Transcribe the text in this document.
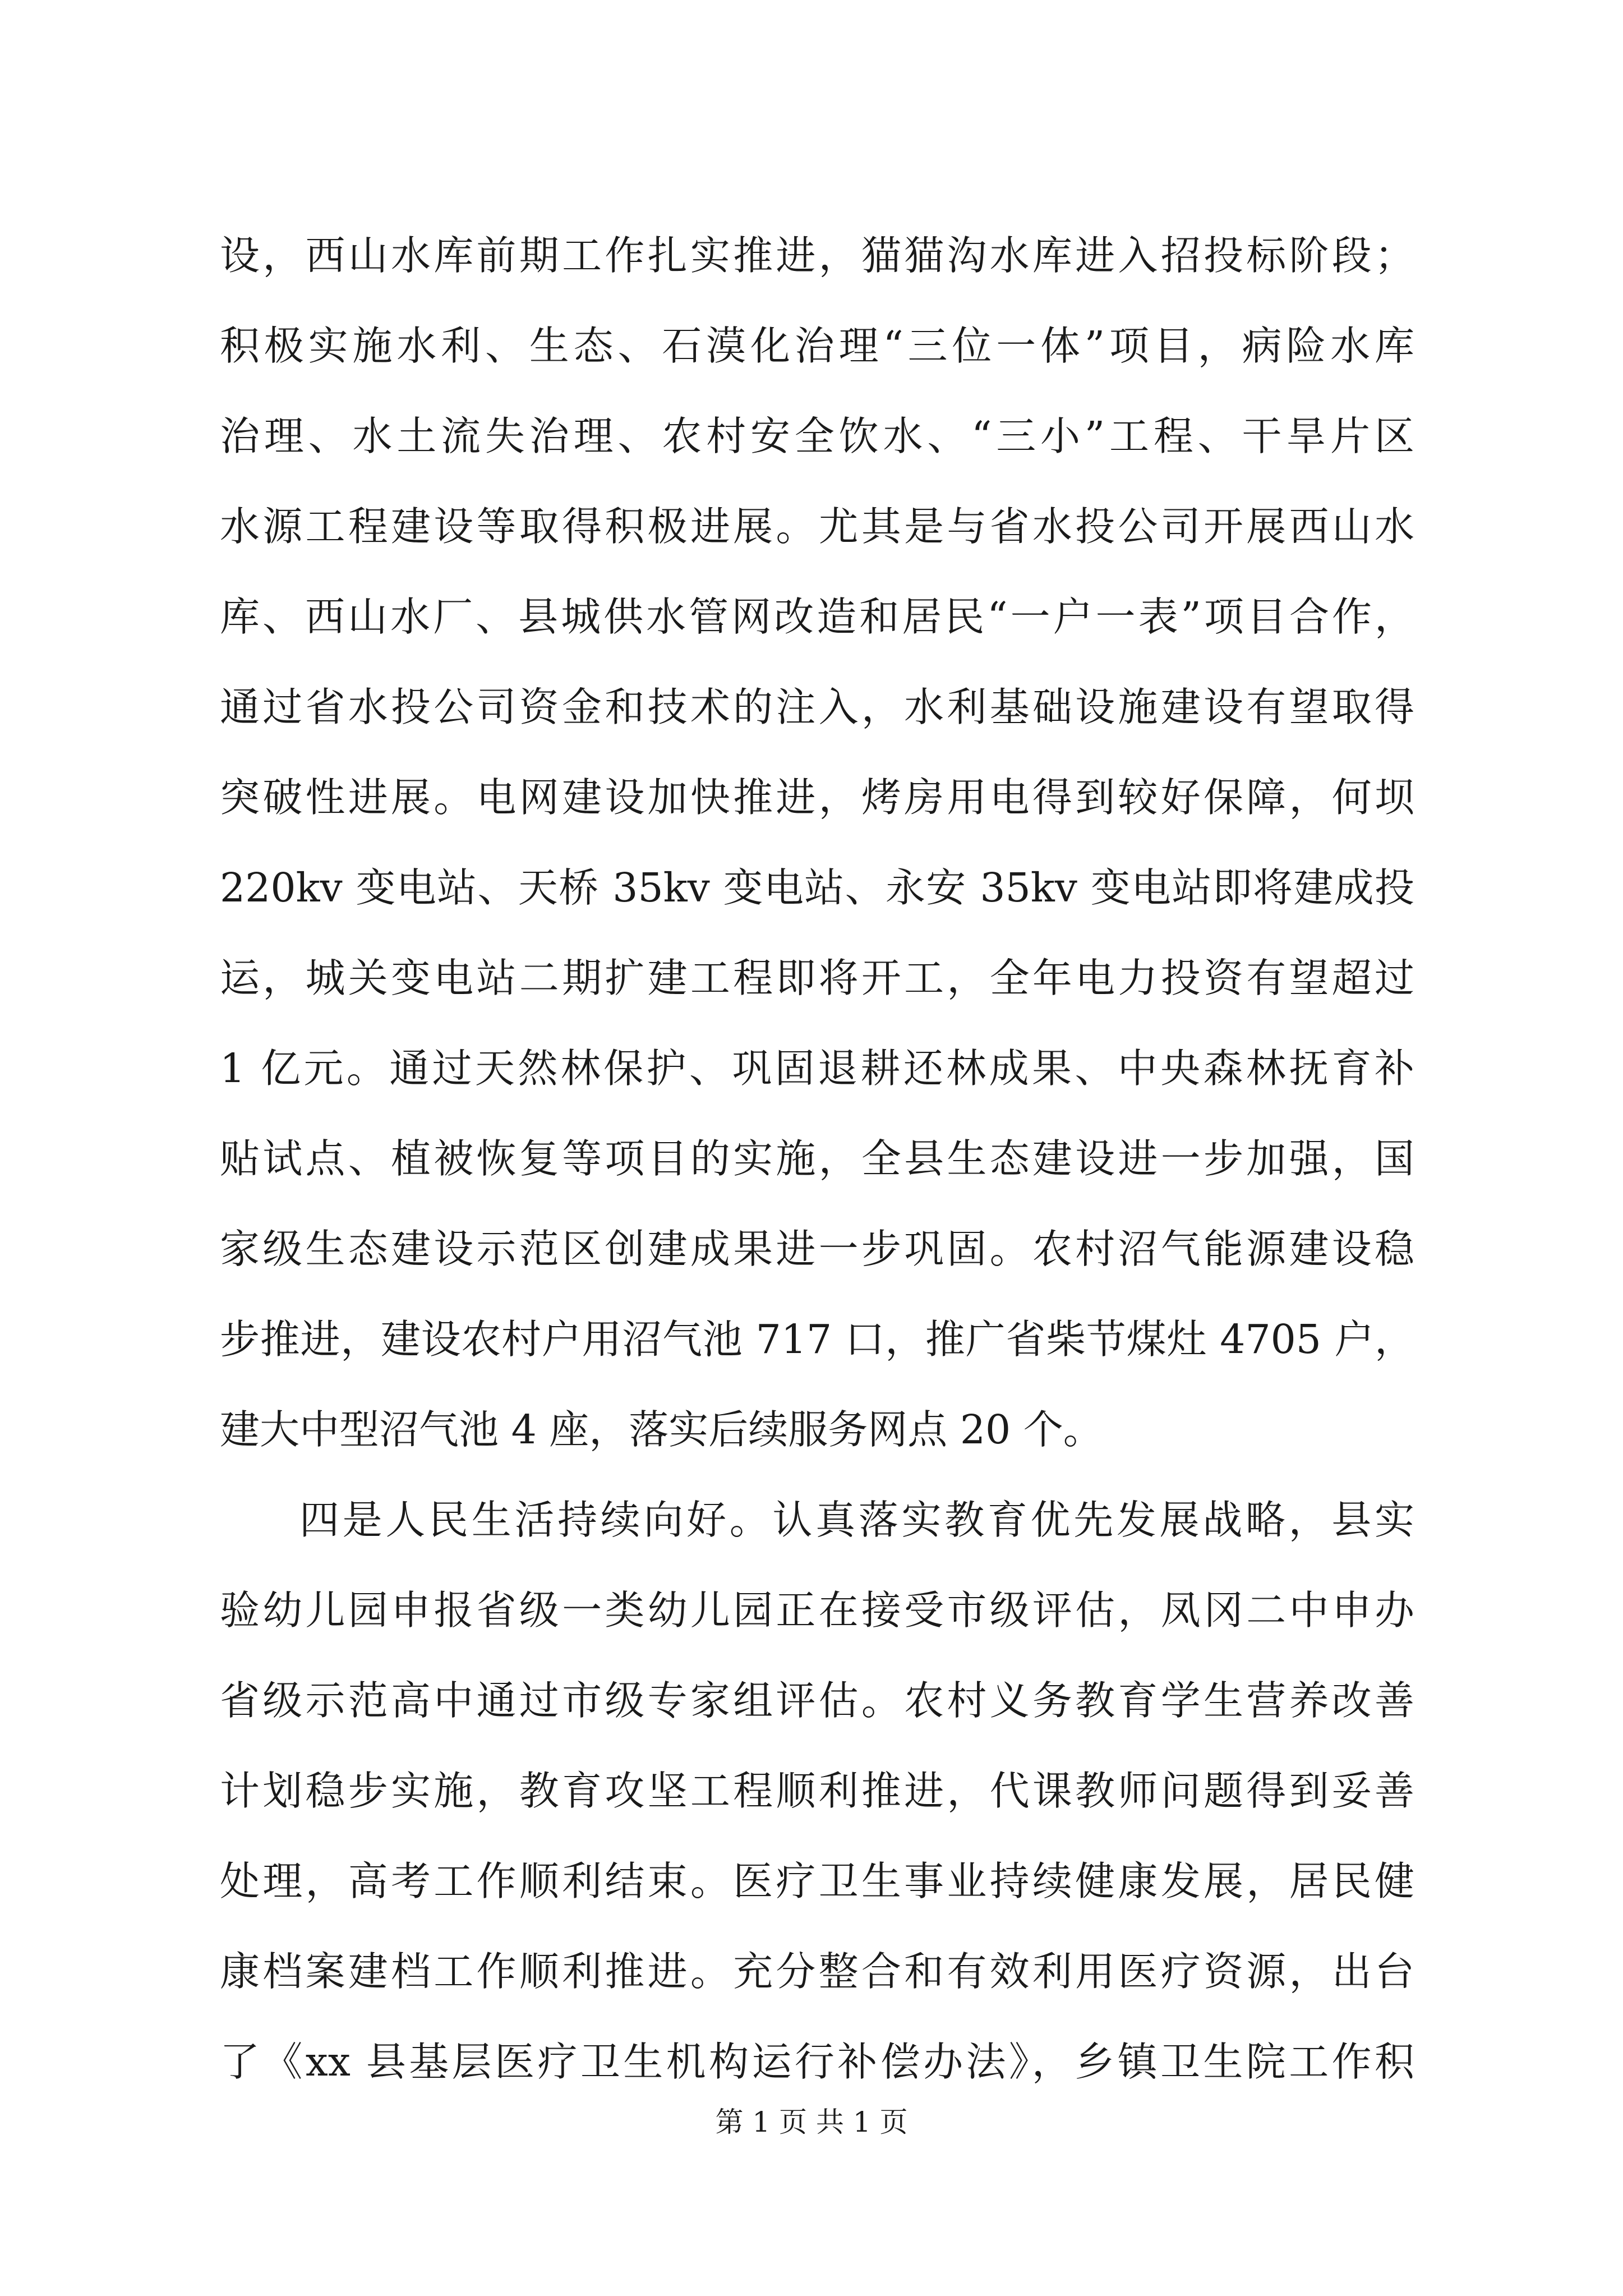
设，西山水库前期工作扎实推进，猫猫沟水库进入招投标阶段；
积极实施水利、生态、石漠化治理“三位一体”项目，病险水库
治理、水土流失治理、农村安全饮水、“三小”工程、干旱片区
水源工程建设等取得积极进展。尤其是与省水投公司开展西山水
库、西山水厂、县城供水管网改造和居民“一户一表”项目合作，
通过省水投公司资金和技术的注入，水利基础设施建设有望取得
突破性进展。电网建设加快推进，烤房用电得到较好保障，何坝
220kv 变电站、天桥 35kv 变电站、永安 35kv 变电站即将建成投
运，城关变电站二期扩建工程即将开工，全年电力投资有望超过
1 亿元。通过天然林保护、巩固退耕还林成果、中央森林抚育补
贴试点、植被恢复等项目的实施，全县生态建设进一步加强，国
家级生态建设示范区创建成果进一步巩固。农村沼气能源建设稳
步推进，建设农村户用沼气池 717 口，推广省柴节煤灶 4705 户，
建大中型沼气池 4 座，落实后续服务网点 20 个。
四是人民生活持续向好。认真落实教育优先发展战略，县实
验幼儿园申报省级一类幼儿园正在接受市级评估，凤冈二中申办
省级示范高中通过市级专家组评估。农村义务教育学生营养改善
计划稳步实施，教育攻坚工程顺利推进，代课教师问题得到妥善
处理，高考工作顺利结束。医疗卫生事业持续健康发展，居民健
康档案建档工作顺利推进。充分整合和有效利用医疗资源，出台
了《xx 县基层医疗卫生机构运行补偿办法》，乡镇卫生院工作积
第 1 页 共 1 页
